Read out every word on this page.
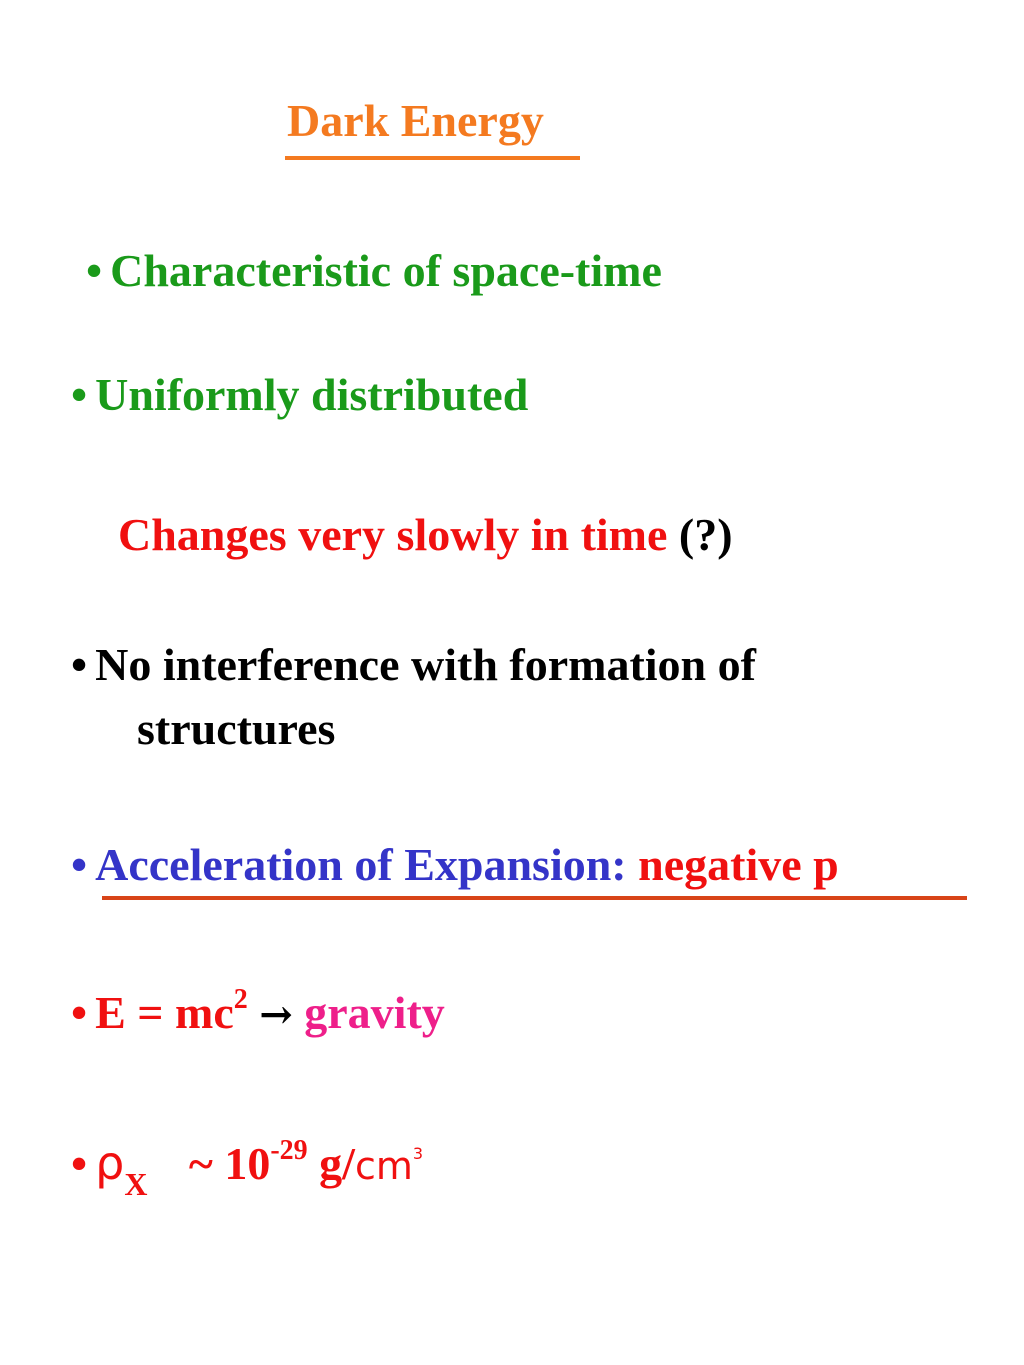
Dark Energy
• Characteristic of space-time
• Uniformly distributed
Changes very slowly in time (?)
• No interference with formation of
structures
• Acceleration of Expansion: negative p
• $E = mc^2$ → gravity
• $\rho_X$ ~ $10^{-29}$ $g/cm^3$
